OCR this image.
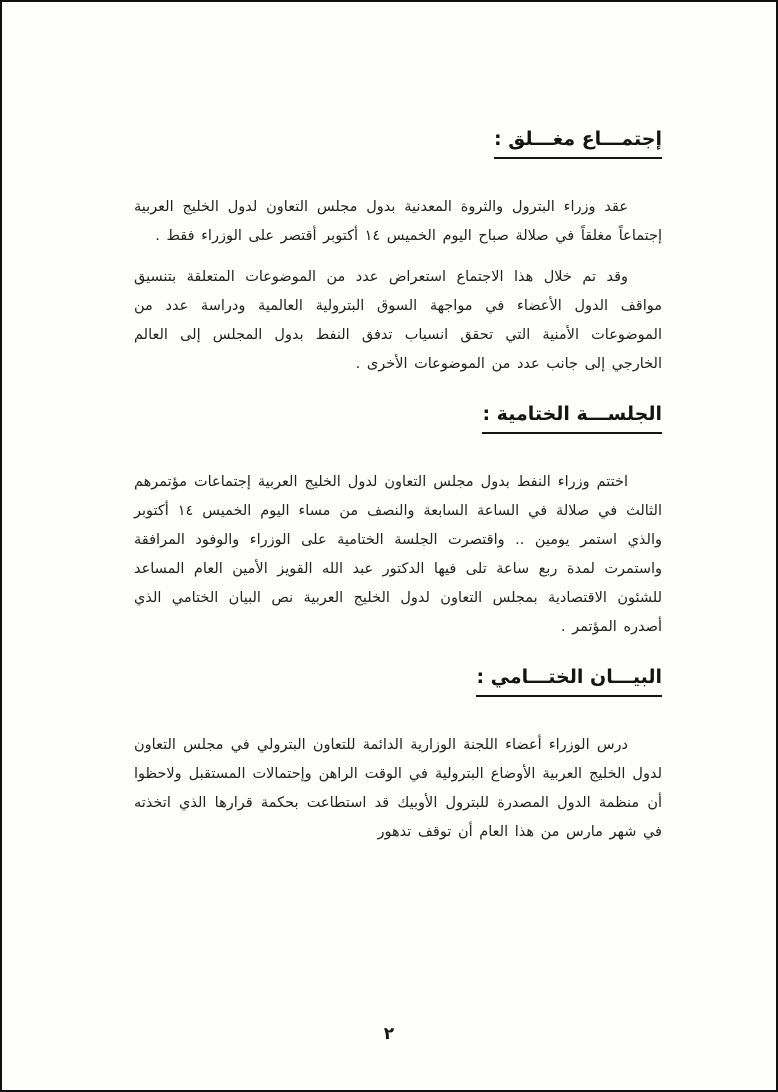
إجتمـــاع مغـــلق :

عقد وزراء البترول والثروة المعدنية بدول مجلس التعاون لدول الخليج العربية إجتماعاً مغلقاً في صلالة صباح اليوم الخميس ١٤ أكتوبر أقتصر على الوزراء فقط .

وقد تم خلال هذا الاجتماع استعراض عدد من الموضوعات المتعلقة بتنسيق مواقف الدول الأعضاء في مواجهة السوق البترولية العالمية ودراسة عدد من الموضوعات الأمنية التي تحقق انسياب تدفق النفط بدول المجلس إلى العالم الخارجي إلى جانب عدد من الموضوعات الأخرى .

الجلســـة الختامية :

اختتم وزراء النفط بدول مجلس التعاون لدول الخليج العربية إجتماعات مؤتمرهم الثالث في صلالة في الساعة السابعة والنصف من مساء اليوم الخميس ١٤ أكتوبر والذي استمر يومين .. واقتصرت الجلسة الختامية على الوزراء والوفود المرافقة واستمرت لمدة ربع ساعة تلى فيها الدكتور عبد الله القويز الأمين العام المساعد للشئون الاقتصادية بمجلس التعاون لدول الخليج العربية نص البيان الختامي الذي أصدره المؤتمر .

البيـــان الختـــامي :

درس الوزراء أعضاء اللجنة الوزارية الدائمة للتعاون البترولي في مجلس التعاون لدول الخليج العربية الأوضاع البترولية في الوقت الراهن وإحتمالات المستقبل ولاحظوا أن منظمة الدول المصدرة للبترول الأوبيك قد استطاعت بحكمة قرارها الذي اتخذته في شهر مارس من هذا العام أن توقف تدهور

٢
